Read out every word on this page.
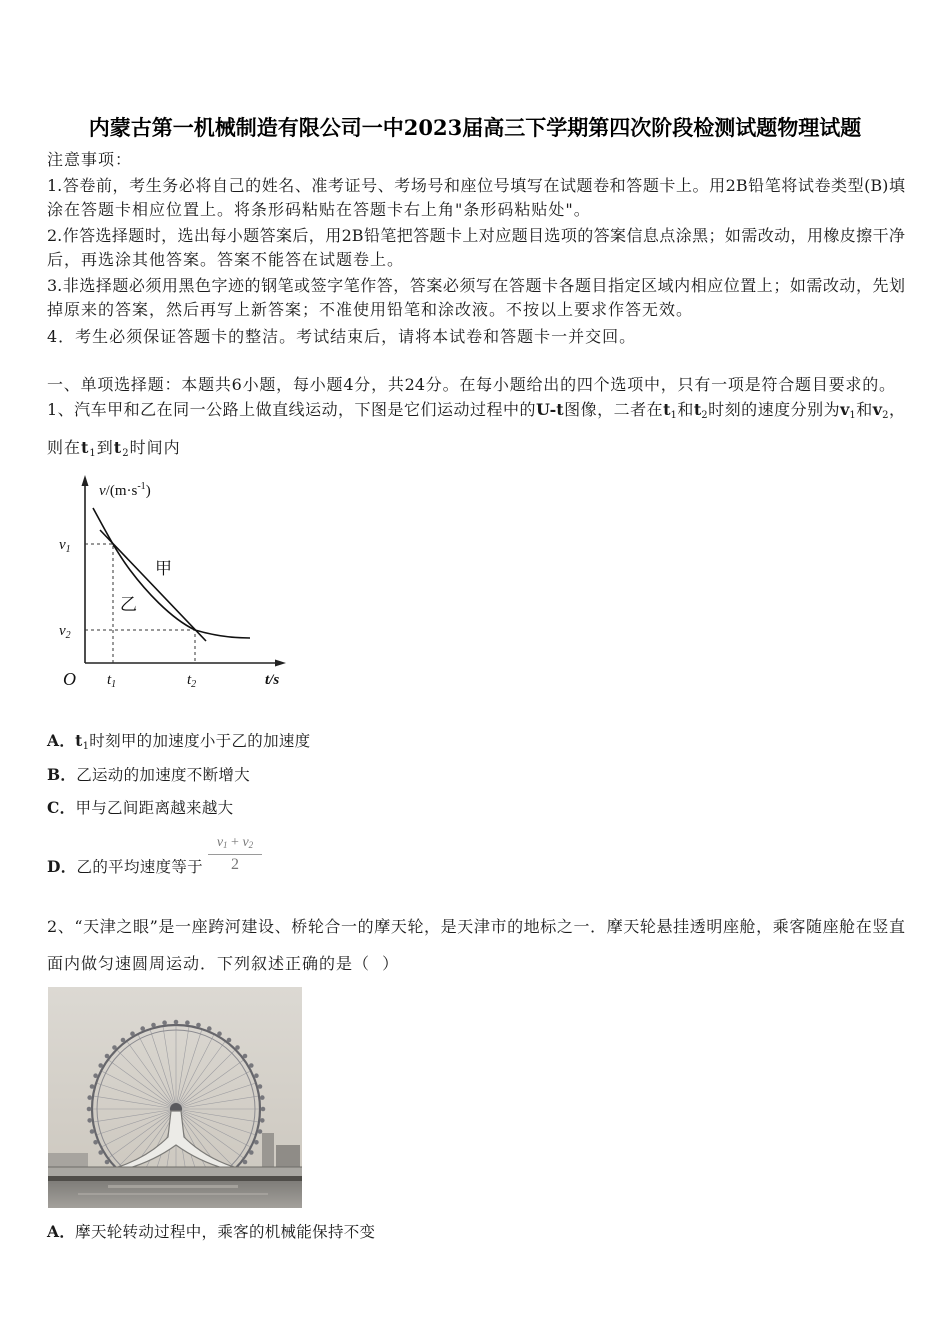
内蒙古第一机械制造有限公司一中2023届高三下学期第四次阶段检测试题物理试题
注意事项：
1.答卷前，考生务必将自己的姓名、准考证号、考场号和座位号填写在试题卷和答题卡上。用2B铅笔将试卷类型(B)填
涂在答题卡相应位置上。将条形码粘贴在答题卡右上角"条形码粘贴处"。
2.作答选择题时，选出每小题答案后，用2B铅笔把答题卡上对应题目选项的答案信息点涂黑；如需改动，用橡皮擦干净
后，再选涂其他答案。答案不能答在试题卷上。
3.非选择题必须用黑色字迹的钢笔或签字笔作答，答案必须写在答题卡各题目指定区域内相应位置上；如需改动，先划
掉原来的答案，然后再写上新答案；不准使用铅笔和涂改液。不按以上要求作答无效。
4．考生必须保证答题卡的整洁。考试结束后，请将本试卷和答题卡一并交回。
一、单项选择题：本题共6小题，每小题4分，共24分。在每小题给出的四个选项中，只有一项是符合题目要求的。
1、汽车甲和乙在同一公路上做直线运动，下图是它们运动过程中的U-t图像，二者在$t_1$和$t_2$时刻的速度分别为$v_1$和$v_2$，
则在$t_1$到$t_2$时间内
$v/(m\cdot s^{-1})$
$v_1$
$v_2$
甲
乙
O $t_1$	$t_2$	t/s
A．$t_1$时刻甲的加速度小于乙的加速度
B．乙运动的加速度不断增大
C．甲与乙间距离越来越大
D．乙的平均速度等于 $\frac{v_1 + v_2}{2}$
2、“天津之眼”是一座跨河建设、桥轮合一的摩天轮，是天津市的地标之一．摩天轮悬挂透明座舱，乘客随座舱在竖直
面内做匀速圆周运动．下列叙述正确的是（  ）
A．摩天轮转动过程中，乘客的机械能保持不变
